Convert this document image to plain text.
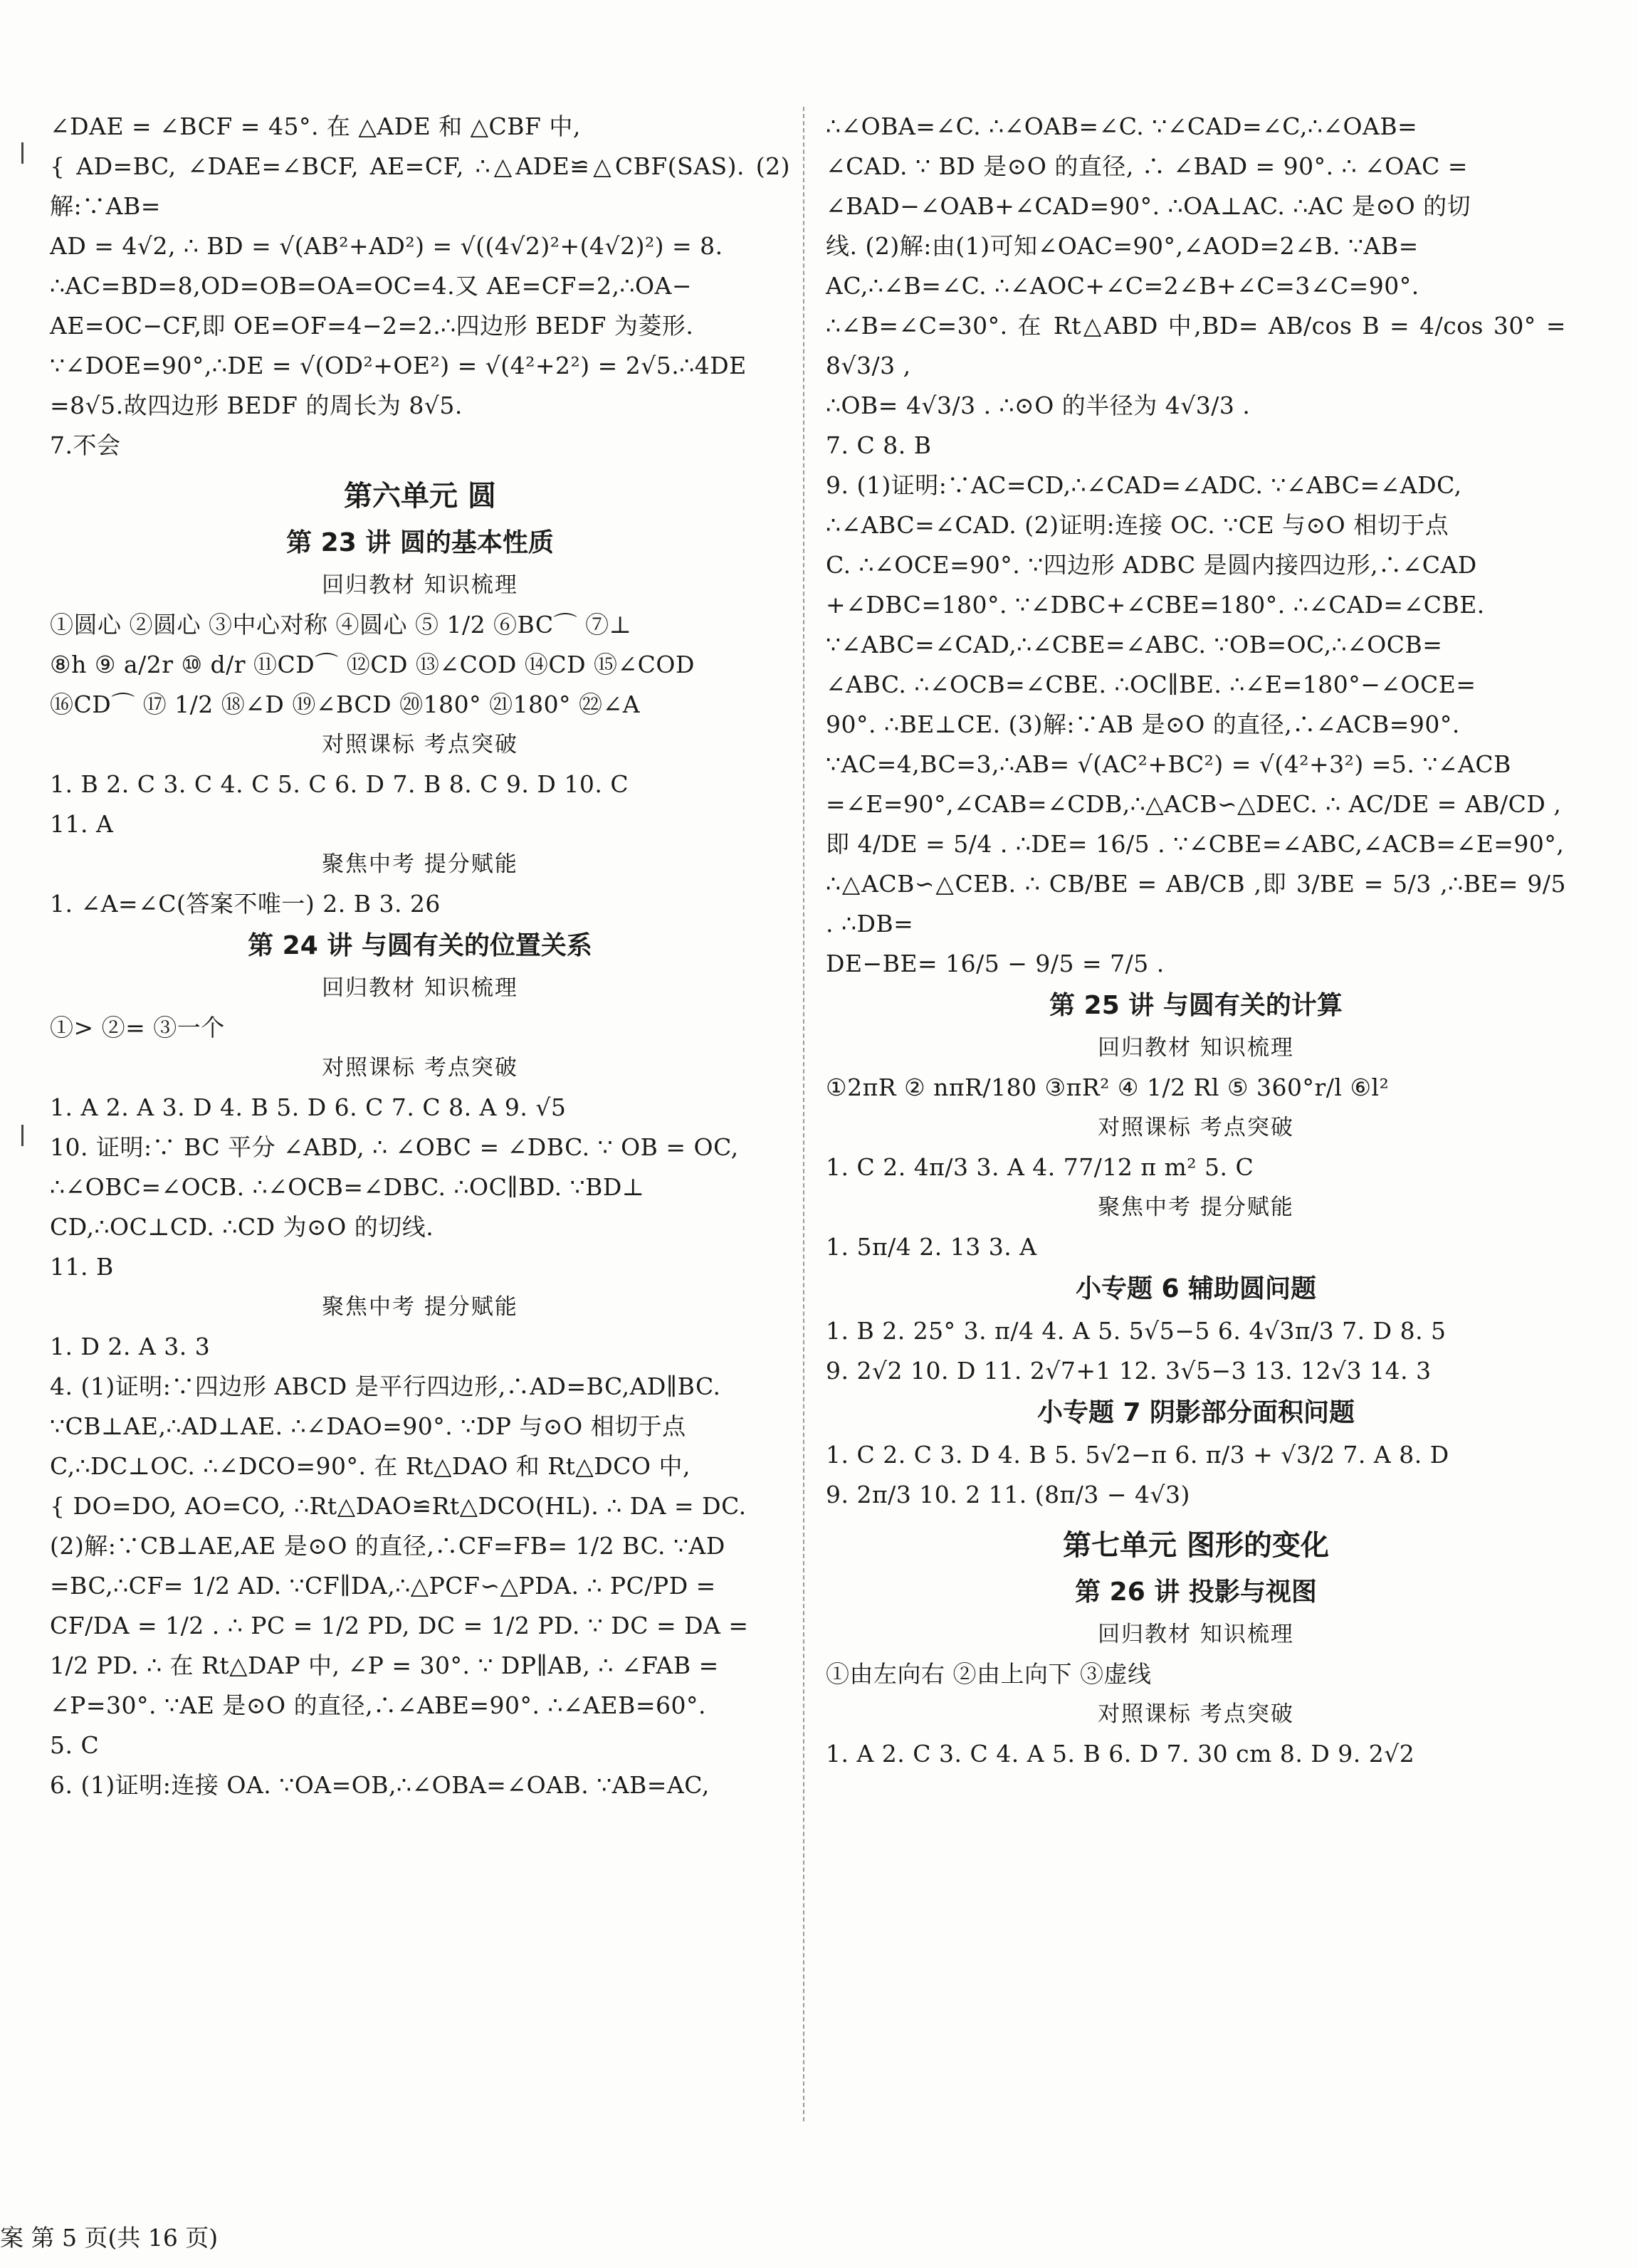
∠DAE = ∠BCF = 45°. 在 △ADE 和 △CBF 中,
{ AD=BC, ∠DAE=∠BCF, AE=CF, ∴△ADE≌△CBF(SAS). (2)解:∵AB=
AD = 4√2, ∴ BD = √(AB²+AD²) = √((4√2)²+(4√2)²) = 8.
∴AC=BD=8,OD=OB=OA=OC=4.又 AE=CF=2,∴OA−
AE=OC−CF,即 OE=OF=4−2=2.∴四边形 BEDF 为菱形.
∵∠DOE=90°,∴DE = √(OD²+OE²) = √(4²+2²) = 2√5.∴4DE
=8√5.故四边形 BEDF 的周长为 8√5.
7.不会
第六单元 圆
第 23 讲 圆的基本性质
回归教材 知识梳理
①圆心 ②圆心 ③中心对称 ④圆心 ⑤ 1/2 ⑥BC⌒ ⑦⊥
⑧h ⑨ a/2r ⑩ d/r ⑪CD⌒ ⑫CD ⑬∠COD ⑭CD ⑮∠COD
⑯CD⌒ ⑰ 1/2 ⑱∠D ⑲∠BCD ⑳180° ㉑180° ㉒∠A
对照课标 考点突破
1. B 2. C 3. C 4. C 5. C 6. D 7. B 8. C 9. D 10. C
11. A
聚焦中考 提分赋能
1. ∠A=∠C(答案不唯一) 2. B 3. 26
第 24 讲 与圆有关的位置关系
回归教材 知识梳理
①> ②= ③一个
对照课标 考点突破
1. A 2. A 3. D 4. B 5. D 6. C 7. C 8. A 9. √5
10. 证明:∵ BC 平分 ∠ABD, ∴ ∠OBC = ∠DBC. ∵ OB = OC,
∴∠OBC=∠OCB. ∴∠OCB=∠DBC. ∴OC∥BD. ∵BD⊥
CD,∴OC⊥CD. ∴CD 为⊙O 的切线.
11. B
聚焦中考 提分赋能
1. D 2. A 3. 3
4. (1)证明:∵四边形 ABCD 是平行四边形,∴AD=BC,AD∥BC.
∵CB⊥AE,∴AD⊥AE. ∴∠DAO=90°. ∵DP 与⊙O 相切于点
C,∴DC⊥OC. ∴∠DCO=90°. 在 Rt△DAO 和 Rt△DCO 中,
{ DO=DO, AO=CO, ∴Rt△DAO≌Rt△DCO(HL). ∴ DA = DC.
(2)解:∵CB⊥AE,AE 是⊙O 的直径,∴CF=FB= 1/2 BC. ∵AD
=BC,∴CF= 1/2 AD. ∵CF∥DA,∴△PCF∽△PDA. ∴ PC/PD =
CF/DA = 1/2 . ∴ PC = 1/2 PD, DC = 1/2 PD. ∵ DC = DA =
1/2 PD. ∴ 在 Rt△DAP 中, ∠P = 30°. ∵ DP∥AB, ∴ ∠FAB =
∠P=30°. ∵AE 是⊙O 的直径,∴∠ABE=90°. ∴∠AEB=60°.
5. C
6. (1)证明:连接 OA. ∵OA=OB,∴∠OBA=∠OAB. ∵AB=AC,
∴∠OBA=∠C. ∴∠OAB=∠C. ∵∠CAD=∠C,∴∠OAB=
∠CAD. ∵ BD 是⊙O 的直径, ∴ ∠BAD = 90°. ∴ ∠OAC =
∠BAD−∠OAB+∠CAD=90°. ∴OA⊥AC. ∴AC 是⊙O 的切
线. (2)解:由(1)可知∠OAC=90°,∠AOD=2∠B. ∵AB=
AC,∴∠B=∠C. ∴∠AOC+∠C=2∠B+∠C=3∠C=90°.
∴∠B=∠C=30°. 在 Rt△ABD 中,BD= AB/cos B = 4/cos 30° = 8√3/3 ,
∴OB= 4√3/3 . ∴⊙O 的半径为 4√3/3 .
7. C 8. B
9. (1)证明:∵AC=CD,∴∠CAD=∠ADC. ∵∠ABC=∠ADC,
∴∠ABC=∠CAD. (2)证明:连接 OC. ∵CE 与⊙O 相切于点
C. ∴∠OCE=90°. ∵四边形 ADBC 是圆内接四边形,∴∠CAD
+∠DBC=180°. ∵∠DBC+∠CBE=180°. ∴∠CAD=∠CBE.
∵∠ABC=∠CAD,∴∠CBE=∠ABC. ∵OB=OC,∴∠OCB=
∠ABC. ∴∠OCB=∠CBE. ∴OC∥BE. ∴∠E=180°−∠OCE=
90°. ∴BE⊥CE. (3)解:∵AB 是⊙O 的直径,∴∠ACB=90°.
∵AC=4,BC=3,∴AB= √(AC²+BC²) = √(4²+3²) =5. ∵∠ACB
=∠E=90°,∠CAB=∠CDB,∴△ACB∽△DEC. ∴ AC/DE = AB/CD ,
即 4/DE = 5/4 . ∴DE= 16/5 . ∵∠CBE=∠ABC,∠ACB=∠E=90°,
∴△ACB∽△CEB. ∴ CB/BE = AB/CB ,即 3/BE = 5/3 ,∴BE= 9/5 . ∴DB=
DE−BE= 16/5 − 9/5 = 7/5 .
第 25 讲 与圆有关的计算
回归教材 知识梳理
①2πR ② nπR/180 ③πR² ④ 1/2 Rl ⑤ 360°r/l ⑥l²
对照课标 考点突破
1. C 2. 4π/3 3. A 4. 77/12 π m² 5. C
聚焦中考 提分赋能
1. 5π/4 2. 13 3. A
小专题 6 辅助圆问题
1. B 2. 25° 3. π/4 4. A 5. 5√5−5 6. 4√3π/3 7. D 8. 5
9. 2√2 10. D 11. 2√7+1 12. 3√5−3 13. 12√3 14. 3
小专题 7 阴影部分面积问题
1. C 2. C 3. D 4. B 5. 5√2−π 6. π/3 + √3/2 7. A 8. D
9. 2π/3 10. 2 11. (8π/3 − 4√3)
第七单元 图形的变化
第 26 讲 投影与视图
回归教材 知识梳理
①由左向右 ②由上向下 ③虚线
对照课标 考点突破
1. A 2. C 3. C 4. A 5. B 6. D 7. 30 cm 8. D 9. 2√2
案 第 5 页(共 16 页)
